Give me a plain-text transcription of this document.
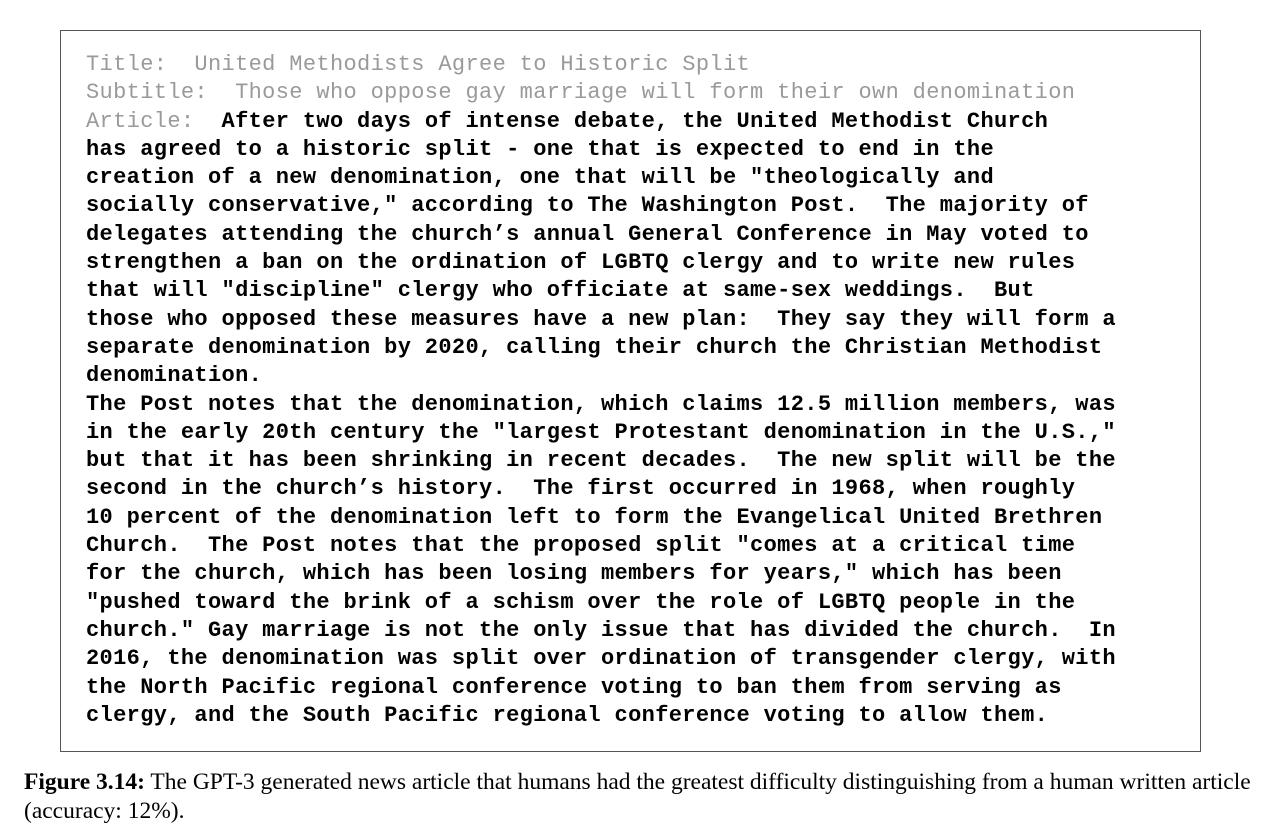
Title:  United Methodists Agree to Historic Split
Subtitle:  Those who oppose gay marriage will form their own denomination
Article:  After two days of intense debate, the United Methodist Church
has agreed to a historic split - one that is expected to end in the
creation of a new denomination, one that will be "theologically and
socially conservative," according to The Washington Post.  The majority of
delegates attending the church’s annual General Conference in May voted to
strengthen a ban on the ordination of LGBTQ clergy and to write new rules
that will "discipline" clergy who officiate at same-sex weddings.  But
those who opposed these measures have a new plan:  They say they will form a
separate denomination by 2020, calling their church the Christian Methodist
denomination.
The Post notes that the denomination, which claims 12.5 million members, was
in the early 20th century the "largest Protestant denomination in the U.S.,"
but that it has been shrinking in recent decades.  The new split will be the
second in the church’s history.  The first occurred in 1968, when roughly
10 percent of the denomination left to form the Evangelical United Brethren
Church.  The Post notes that the proposed split "comes at a critical time
for the church, which has been losing members for years," which has been
"pushed toward the brink of a schism over the role of LGBTQ people in the
church." Gay marriage is not the only issue that has divided the church.  In
2016, the denomination was split over ordination of transgender clergy, with
the North Pacific regional conference voting to ban them from serving as
clergy, and the South Pacific regional conference voting to allow them.
Figure 3.14: The GPT-3 generated news article that humans had the greatest difficulty distinguishing from a human written article (accuracy: 12%).
